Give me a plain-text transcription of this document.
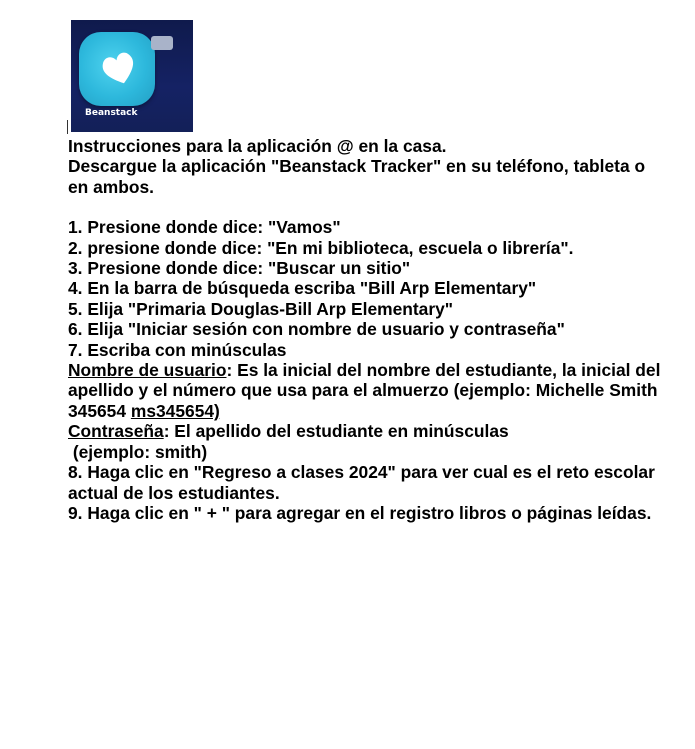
Beanstack

Instrucciones para la aplicación @ en la casa.

Descargue la aplicación "Beanstack Tracker" en su teléfono, tableta o en ambos.

1. Presione donde dice: "Vamos"

2. presione donde dice: "En mi biblioteca, escuela o librería".

3. Presione donde dice: "Buscar un sitio"

4. En la barra de búsqueda escriba "Bill Arp Elementary"

5. Elija "Primaria Douglas-Bill Arp Elementary"

6. Elija "Iniciar sesión con nombre de usuario y contraseña"

7. Escriba con minúsculas

Nombre de usuario: Es la inicial del nombre del estudiante, la inicial del apellido y el número que usa para el almuerzo (ejemplo: Michelle Smith 345654 ms345654)

Contraseña: El apellido del estudiante en minúsculas

(ejemplo: smith)

8. Haga clic en "Regreso a clases 2024" para ver cual es el reto escolar actual de los estudiantes.

9. Haga clic en " + " para agregar en el registro libros o páginas leídas.
